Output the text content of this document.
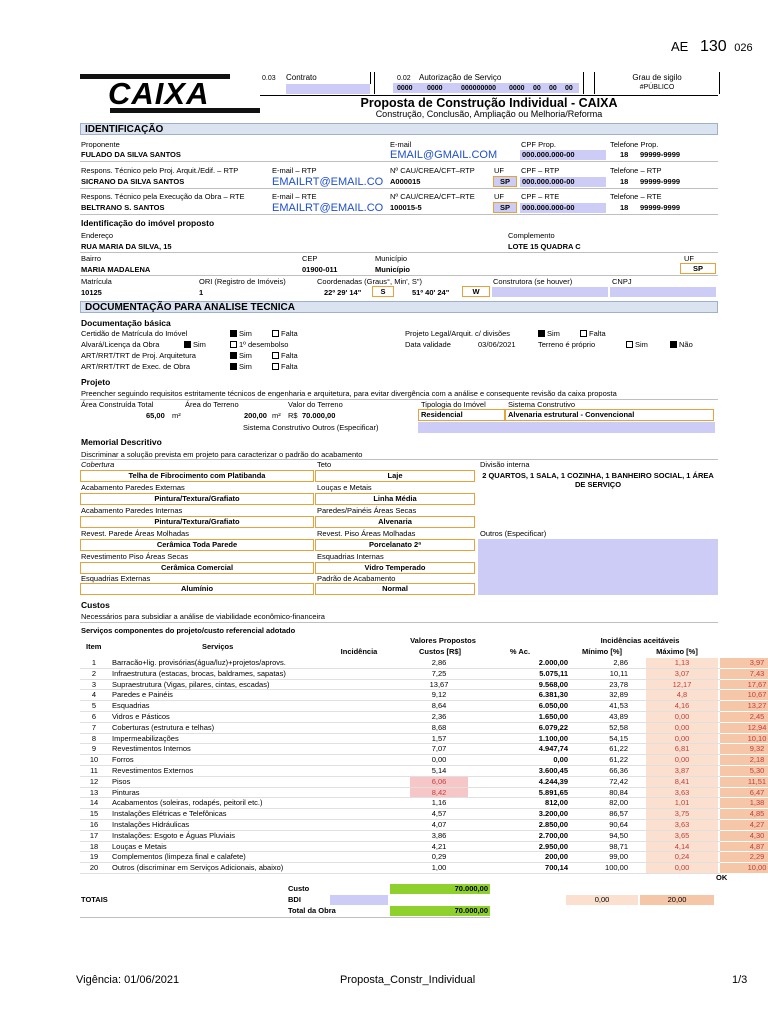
AE 130 026
CAIXA	0.03 Contrato	0.02 Autorização de Serviço
0000 0000	000000000 0000 00 00 00
Grau de sigilo
#PÚBLICO
Proposta de Construção Individual - CAIXA
Construção, Conclusão, Ampliação ou Melhoria/Reforma
IDENTIFICAÇÃO
Proponente
FULADO DA SILVA SANTOS
E-mail
EMAIL@GMAIL.COM
CPF Prop.
000.000.000-00
Telefone Prop.
18 99999-9999
Respons. Técnico pelo Proj. Arquit./Edif. – RTP
SICRANO DA SILVA SANTOS
E-mail – RTP
EMAILRT@EMAIL.CO
Nº CAU/CREA/CFT–RTP
A000015
UF
SP
CPF – RTP
000.000.000-00
Telefone – RTP
18 99999-9999
Respons. Técnico pela Execução da Obra – RTE
BELTRANO S. SANTOS
E-mail – RTE
EMAILRT@EMAIL.CO
Nº CAU/CREA/CFT–RTE
100015-5
UF
SP
CPF – RTE
000.000.000-00
Telefone – RTE
18 99999-9999
Identificação do imóvel proposto
Endereço
RUA MARIA DA SILVA, 15
Complemento
LOTE 15 QUADRA C
Bairro
MARIA MADALENA
CEP
01900-011
Município
Município
UF
SP
Matrícula
10125
ORI (Registro de Imóveis)
1
Coordenadas (Graus°, Min', S")
22º 29' 14"	S	51º 40' 24"	W
Construtora (se houver)	CNPJ
DOCUMENTAÇÃO PARA ANALISE TECNICA
Documentação básica
Certidão de Matrícula do Imóvel	Sim	Falta
Alvará/Licença da Obra	Sim	1º desembolso
ART/RRT/TRT de Proj. Arquitetura	Sim	Falta
ART/RRT/TRT de Exec. de Obra	Sim	Falta
Projeto Legal/Arquit. c/ divisões	Sim	Falta
Data validade	03/06/2021	Terreno é próprio	Sim	Não
Projeto
Preencher seguindo requisitos estritamente técnicos de engenharia e arquitetura, para evitar divergência com a análise e consequente revisão da caixa proposta
Área Construída Total	Área do Terreno	Valor do Terreno	Tipologia do Imóvel	Sistema Construtivo
65,00 m²	200,00 m² R$ 70.000,00	Residencial	Alvenaria estrutural - Convencional
Sistema Construtivo Outros (Especificar)
Memorial Descritivo
Discriminar a solução prevista em projeto para caracterizar o padrão do acabamento
Cobertura
Telha de Fibrocimento com Platibanda
Teto
Laje
Divisão interna
2 QUARTOS, 1 SALA, 1 COZINHA, 1 BANHEIRO SOCIAL, 1 ÁREA DE SERVIÇO
Acabamento Paredes Externas
Pintura/Textura/Grafiato
Louças e Metais
Linha Média
Acabamento Paredes Internas
Pintura/Textura/Grafiato
Paredes/Painéis Áreas Secas
Alvenaria
Revest. Parede Áreas Molhadas
Cerâmica Toda Parede
Revest. Piso Áreas Molhadas
Porcelanato 2ª
Outros (Especificar)
Revestimento Piso Áreas Secas
Cerâmica Comercial
Esquadrias Internas
Vidro Temperado
Esquadrias Externas
Alumínio
Padrão de Acabamento
Normal
Custos
Necessários para subsidiar a análise de viabilidade econômico-financeira
Serviços componentes do projeto/custo referencial adotado
Item	Serviços
Valores Propostos
Incidência	Custos [R$]	% Ac.
Incidências aceitáveis
Mínimo [%]	Máximo [%]
1	Barracão+lig. provisórias(água/luz)+projetos/aprovs.	2,86	2.000,00	2,86	1,13	3,97
2	Infraestrutura (estacas, brocas, baldrames, sapatas)	7,25	5.075,11	10,11	3,07	7,43
3	Supraestrutura (Vigas, pilares, cintas, escadas)	13,67	9.568,00	23,78	12,17	17,67
4	Paredes e Painéis	9,12	6.381,30	32,89	4,8	10,67
5	Esquadrias	8,64	6.050,00	41,53	4,16	13,27
6	Vidros e Pásticos	2,36	1.650,00	43,89	0,00	2,45
7	Coberturas (estrutura e telhas)	8,68	6.079,22	52,58	0,00	12,94
8	Impermeabilizações	1,57	1.100,00	54,15	0,00	10,10
9	Revestimentos Internos	7,07	4.947,74	61,22	6,81	9,32
10	Forros	0,00	0,00	61,22	0,00	2,18
11	Revestimentos Externos	5,14	3.600,45	66,36	3,87	5,30
12	Pisos	6,06	4.244,39	72,42	8,41	11,51
13	Pinturas	8,42	5.891,65	80,84	3,63	6,47
14	Acabamentos (soleiras, rodapés, peitoril etc.)	1,16	812,00	82,00	1,01	1,38
15	Instalações Elétricas e Telefônicas	4,57	3.200,00	86,57	3,75	4,85
16	Instalações Hidráulicas	4,07	2.850,00	90,64	3,63	4,27
17	Instalações: Esgoto e Águas Pluviais	3,86	2.700,00	94,50	3,65	4,30
18	Louças e Metais	4,21	2.950,00	98,71	4,14	4,87
19	Complementos (limpeza final e calafete)	0,29	200,00	99,00	0,24	2,29
20	Outros (discriminar em Serviços Adicionais, abaixo)	1,00	700,14	100,00	0,00	10,00
OK
Custo	70.000,00
TOTAIS	BDI	0,00	20,00
Total da Obra	70.000,00
Vigência: 01/06/2021	Proposta_Constr_Individual	1/3
